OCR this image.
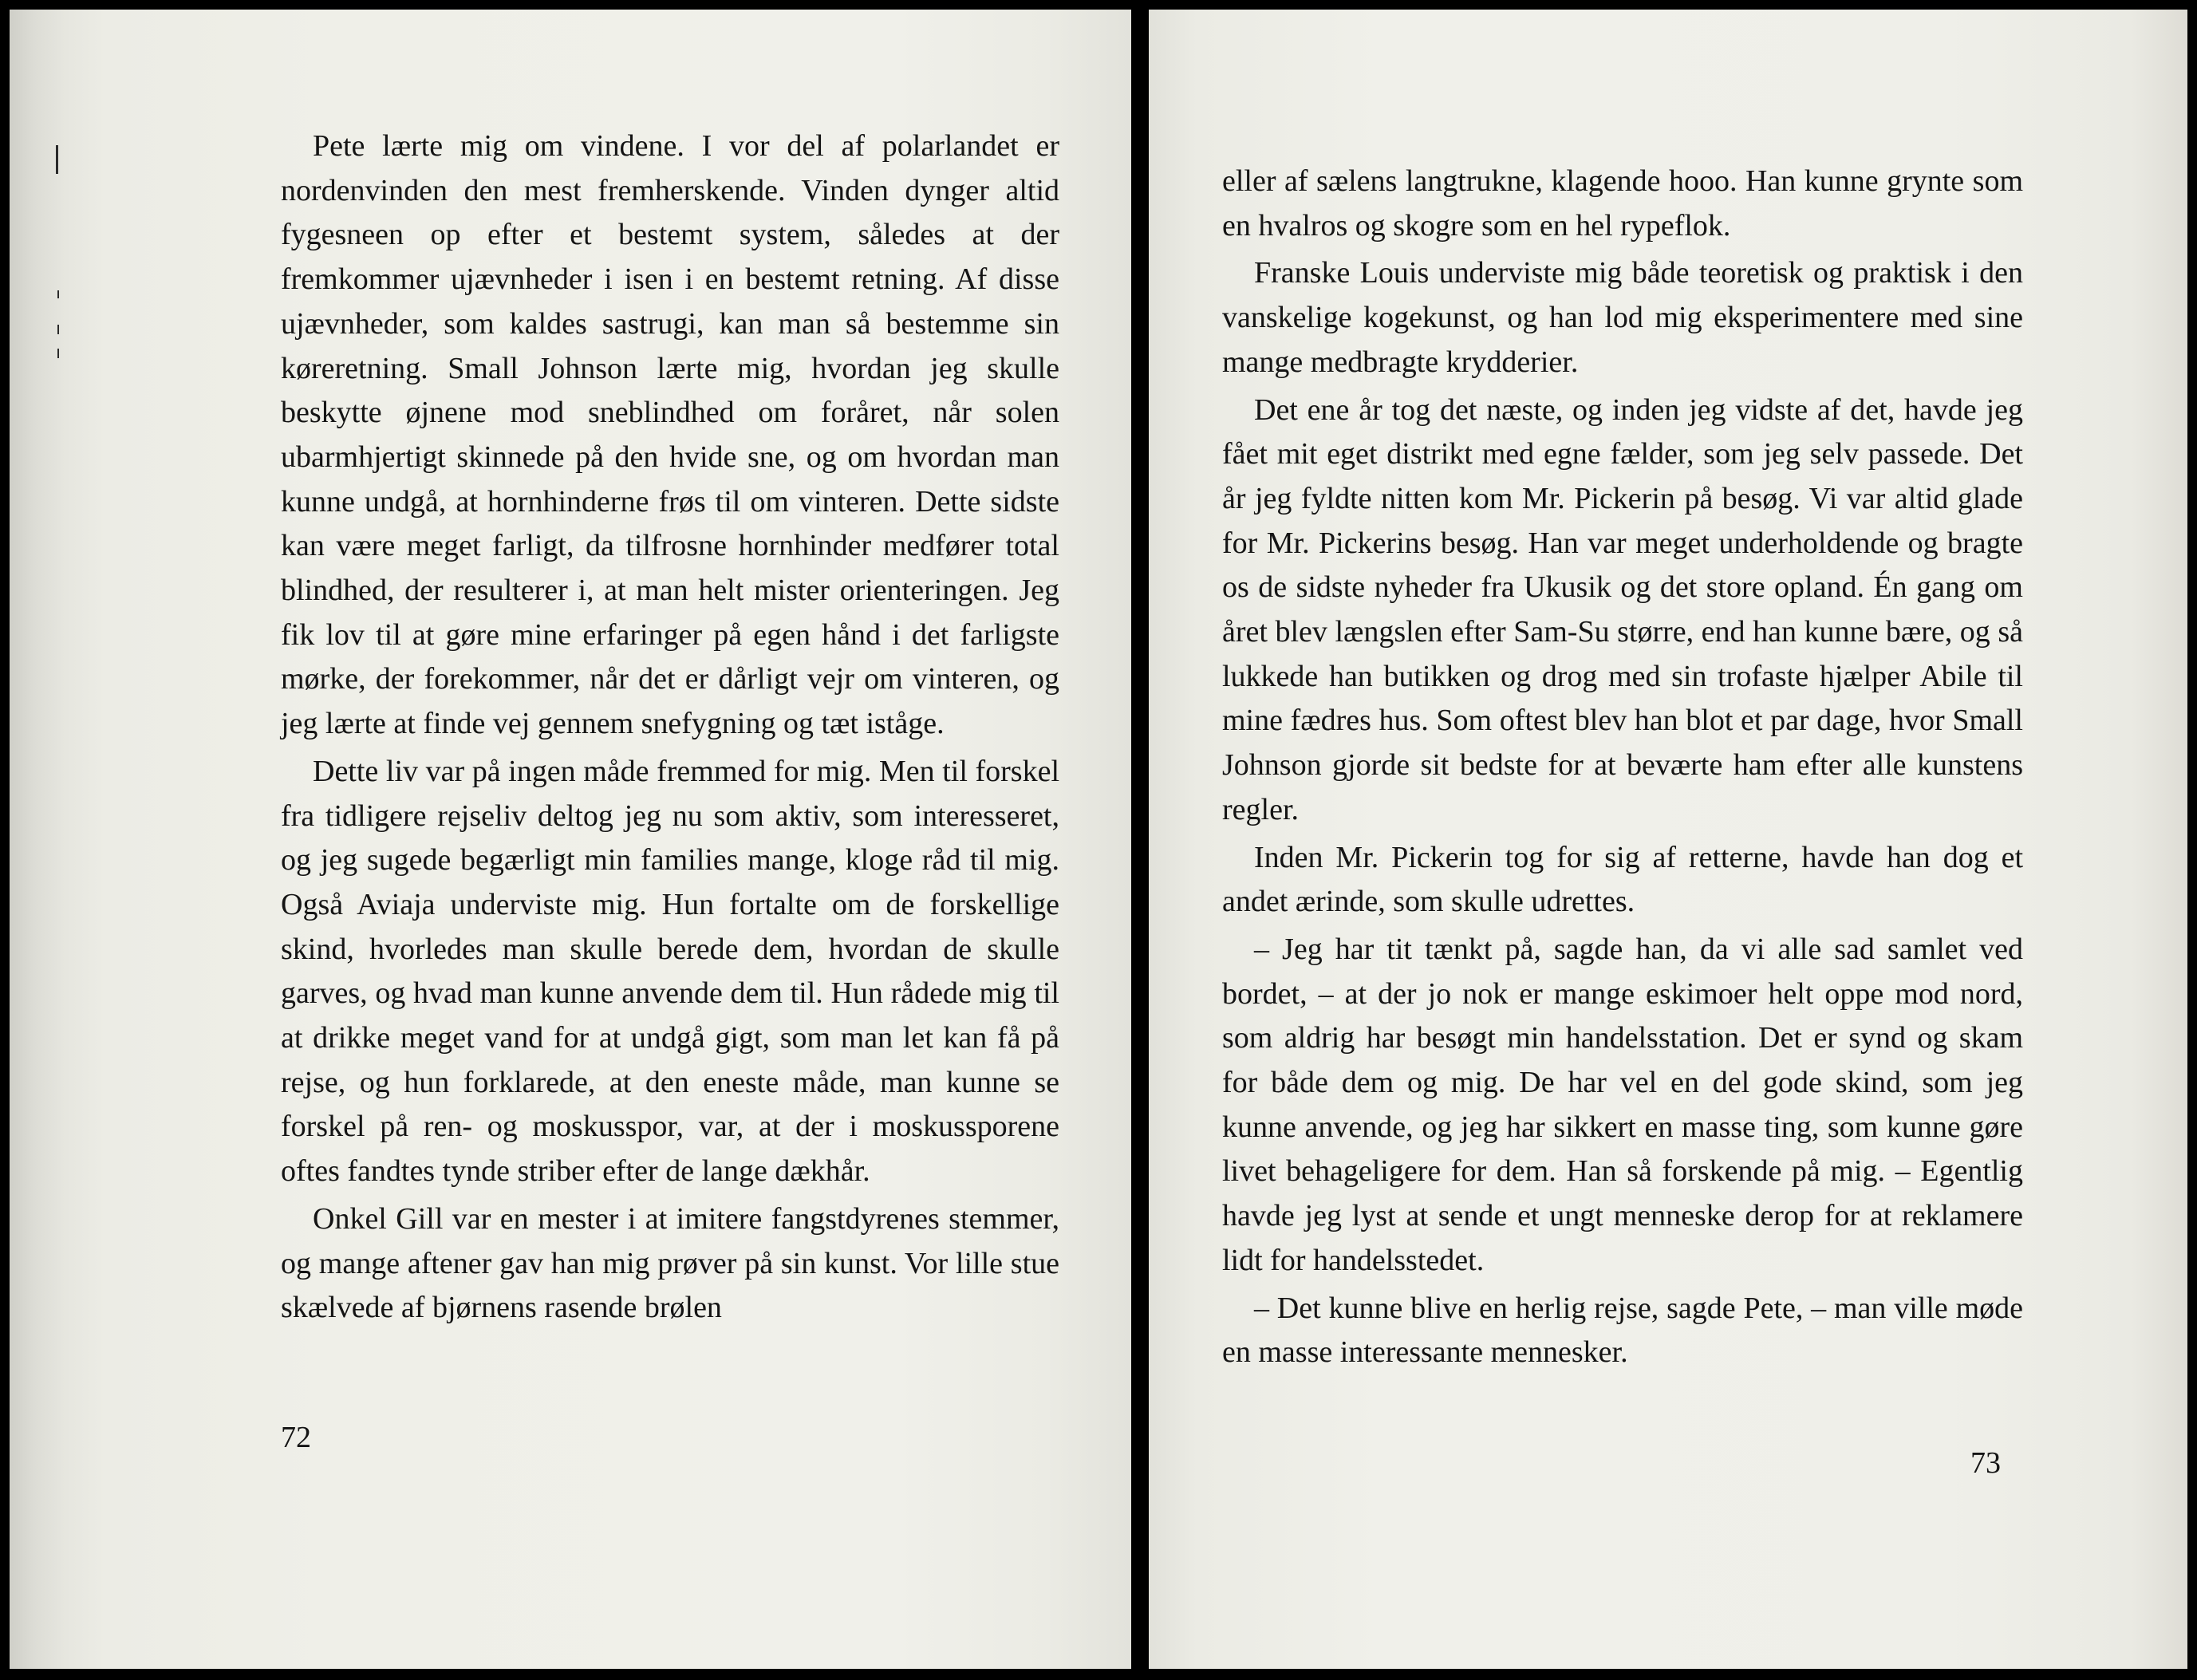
Pete lærte mig om vindene. I vor del af polarlandet er nordenvinden den mest fremherskende. Vinden dynger altid fygesneen op efter et bestemt system, således at der fremkommer ujævnheder i isen i en bestemt retning. Af disse ujævnheder, som kaldes sastrugi, kan man så bestemme sin køreretning. Small Johnson lærte mig, hvordan jeg skulle beskytte øjnene mod sneblindhed om foråret, når solen ubarmhjertigt skinnede på den hvide sne, og om hvordan man kunne undgå, at hornhinderne frøs til om vinteren. Dette sidste kan være meget farligt, da tilfrosne hornhinder medfører total blindhed, der resulterer i, at man helt mister orienteringen. Jeg fik lov til at gøre mine erfaringer på egen hånd i det farligste mørke, der forekommer, når det er dårligt vejr om vinteren, og jeg lærte at finde vej gennem snefygning og tæt iståge.

Dette liv var på ingen måde fremmed for mig. Men til forskel fra tidligere rejseliv deltog jeg nu som aktiv, som interesseret, og jeg sugede begærligt min families mange, kloge råd til mig. Også Aviaja underviste mig. Hun fortalte om de forskellige skind, hvorledes man skulle berede dem, hvordan de skulle garves, og hvad man kunne anvende dem til. Hun rådede mig til at drikke meget vand for at undgå gigt, som man let kan få på rejse, og hun forklarede, at den eneste måde, man kunne se forskel på ren- og moskusspor, var, at der i moskussporene oftes fandtes tynde striber efter de lange dækhår.

Onkel Gill var en mester i at imitere fangstdyrenes stemmer, og mange aftener gav han mig prøver på sin kunst. Vor lille stue skælvede af bjørnens rasende brølen

72

eller af sælens langtrukne, klagende hooo. Han kunne grynte som en hvalros og skogre som en hel rypeflok.

Franske Louis underviste mig både teoretisk og praktisk i den vanskelige kogekunst, og han lod mig eksperimentere med sine mange medbragte krydderier.

Det ene år tog det næste, og inden jeg vidste af det, havde jeg fået mit eget distrikt med egne fælder, som jeg selv passede. Det år jeg fyldte nitten kom Mr. Pickerin på besøg. Vi var altid glade for Mr. Pickerins besøg. Han var meget underholdende og bragte os de sidste nyheder fra Ukusik og det store opland. Én gang om året blev længslen efter Sam-Su større, end han kunne bære, og så lukkede han butikken og drog med sin trofaste hjælper Abile til mine fædres hus. Som oftest blev han blot et par dage, hvor Small Johnson gjorde sit bedste for at beværte ham efter alle kunstens regler.

Inden Mr. Pickerin tog for sig af retterne, havde han dog et andet ærinde, som skulle udrettes.

– Jeg har tit tænkt på, sagde han, da vi alle sad samlet ved bordet, – at der jo nok er mange eskimoer helt oppe mod nord, som aldrig har besøgt min handelsstation. Det er synd og skam for både dem og mig. De har vel en del gode skind, som jeg kunne anvende, og jeg har sikkert en masse ting, som kunne gøre livet behageligere for dem. Han så forskende på mig. – Egentlig havde jeg lyst at sende et ungt menneske derop for at reklamere lidt for handelsstedet.

– Det kunne blive en herlig rejse, sagde Pete, – man ville møde en masse interessante mennesker.

73
